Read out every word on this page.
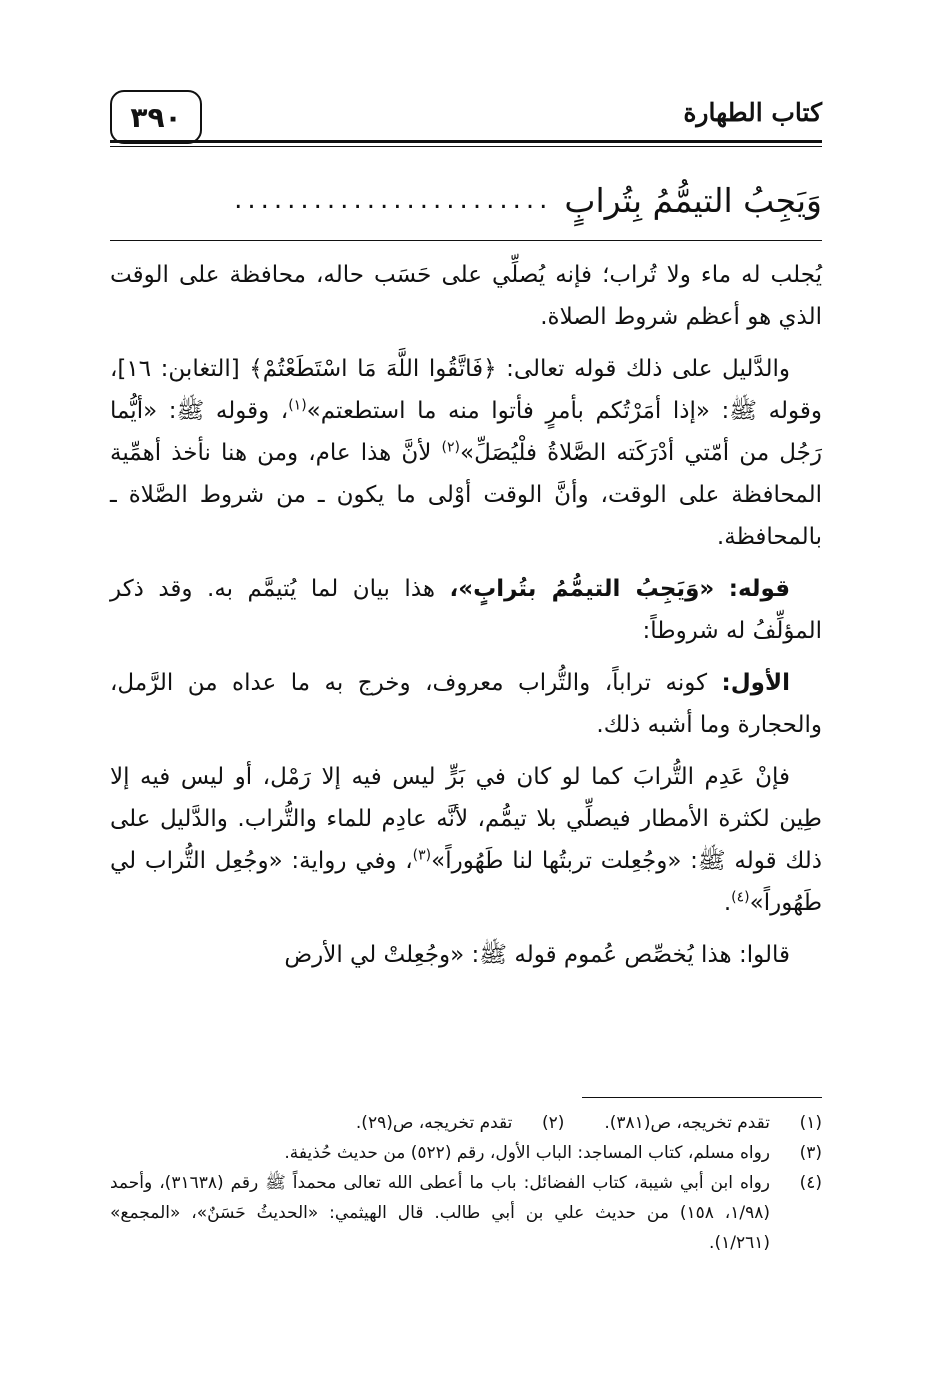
كتاب الطهارة
٣٩٠
وَيَجِبُ التيمُّمُ بِتُرابٍ
........................

يُجلب له ماء ولا تُراب؛ فإنه يُصلِّي على حَسَب حاله، محافظة على الوقت الذي هو أعظم شروط الصلاة.

والدَّليل على ذلك قوله تعالى: ﴿فَاتَّقُوا اللَّهَ مَا اسْتَطَعْتُمْ﴾ [التغابن: ١٦]، وقوله ﷺ: «إذا أمَرْتُكم بأمرٍ فأتوا منه ما استطعتم»$^{(١)}$، وقوله ﷺ: «أيُّما رَجُل من أمّتي أدْرَكَته الصَّلاةُ فلْيُصَلِّ»$^{(٢)}$ لأنَّ هذا عام، ومن هنا نأخذ أهمِّية المحافظة على الوقت، وأنَّ الوقت أوْلى ما يكون ـ من شروط الصَّلاة ـ بالمحافظة.

قوله: «وَيَجِبُ التيمُّمُ بتُرابٍ»، هذا بيان لما يُتيمَّم به. وقد ذكر المؤلِّفُ له شروطاً:

الأول: كونه تراباً، والتُّراب معروف، وخرج به ما عداه من الرَّمل، والحجارة وما أشبه ذلك.

فإنْ عَدِم التُّرابَ كما لو كان في بَرٍّ ليس فيه إلا رَمْل، أو ليس فيه إلا طِين لكثرة الأمطار فيصلِّي بلا تيمُّم، لأنَّه عادِم للماء والتُّراب. والدَّليل على ذلك قوله ﷺ: «وجُعِلت تربتُها لنا طَهُوراً»$^{(٣)}$، وفي رواية: «وجُعِل التُّراب لي طَهُوراً»$^{(٤)}$.

قالوا: هذا يُخصِّص عُموم قوله ﷺ: «وجُعِلتْ لي الأرض

(١)
تقدم تخريجه، ص(٣٨١).
(٢)
تقدم تخريجه، ص(٢٩).
(٣)
رواه مسلم، كتاب المساجد: الباب الأول، رقم (٥٢٢) من حديث حُذيفة.
(٤)
رواه ابن أبي شيبة، كتاب الفضائل: باب ما أعطى الله تعالى محمداً ﷺ رقم (٣١٦٣٨)، وأحمد (١/٩٨، ١٥٨) من حديث علي بن أبي طالب. قال الهيثمي: «الحديثُ حَسَنٌ»، «المجمع» (١/٢٦١).
